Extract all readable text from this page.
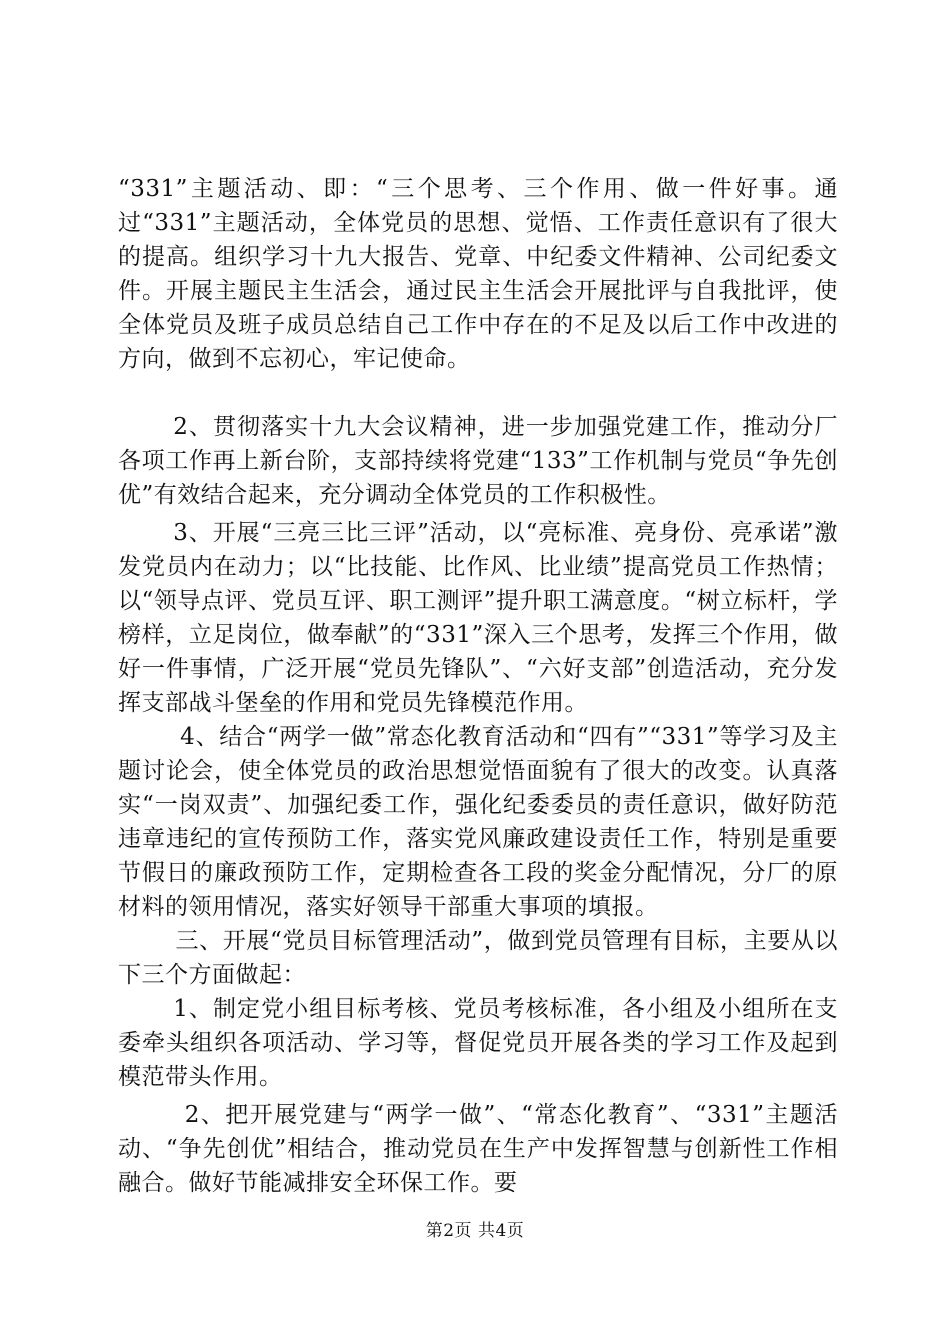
“331”主题活动、即：“三个思考、三个作用、做一件好事。通过“331”主题活动，全体党员的思想、觉悟、工作责任意识有了很大的提高。组织学习十九大报告、党章、中纪委文件精神、公司纪委文件。开展主题民主生活会，通过民主生活会开展批评与自我批评，使全体党员及班子成员总结自己工作中存在的不足及以后工作中改进的方向，做到不忘初心，牢记使命。

2、贯彻落实十九大会议精神，进一步加强党建工作，推动分厂各项工作再上新台阶，支部持续将党建“133”工作机制与党员“争先创优”有效结合起来，充分调动全体党员的工作积极性。

3、开展“三亮三比三评”活动，以“亮标准、亮身份、亮承诺”激发党员内在动力；以“比技能、比作风、比业绩”提高党员工作热情；以“领导点评、党员互评、职工测评”提升职工满意度。“树立标杆，学榜样，立足岗位，做奉献”的“331”深入三个思考，发挥三个作用，做好一件事情，广泛开展“党员先锋队”、“六好支部”创造活动，充分发挥支部战斗堡垒的作用和党员先锋模范作用。

4、结合“两学一做”常态化教育活动和“四有”“331”等学习及主题讨论会，使全体党员的政治思想觉悟面貌有了很大的改变。认真落实“一岗双责”、加强纪委工作，强化纪委委员的责任意识，做好防范违章违纪的宣传预防工作，落实党风廉政建设责任工作，特别是重要节假日的廉政预防工作，定期检查各工段的奖金分配情况，分厂的原材料的领用情况，落实好领导干部重大事项的填报。

三、开展“党员目标管理活动”，做到党员管理有目标，主要从以下三个方面做起：

1、制定党小组目标考核、党员考核标准，各小组及小组所在支委牵头组织各项活动、学习等，督促党员开展各类的学习工作及起到模范带头作用。

2、把开展党建与“两学一做”、“常态化教育”、“331”主题活动、“争先创优”相结合，推动党员在生产中发挥智慧与创新性工作相融合。做好节能减排安全环保工作。要

第2页 共4页
